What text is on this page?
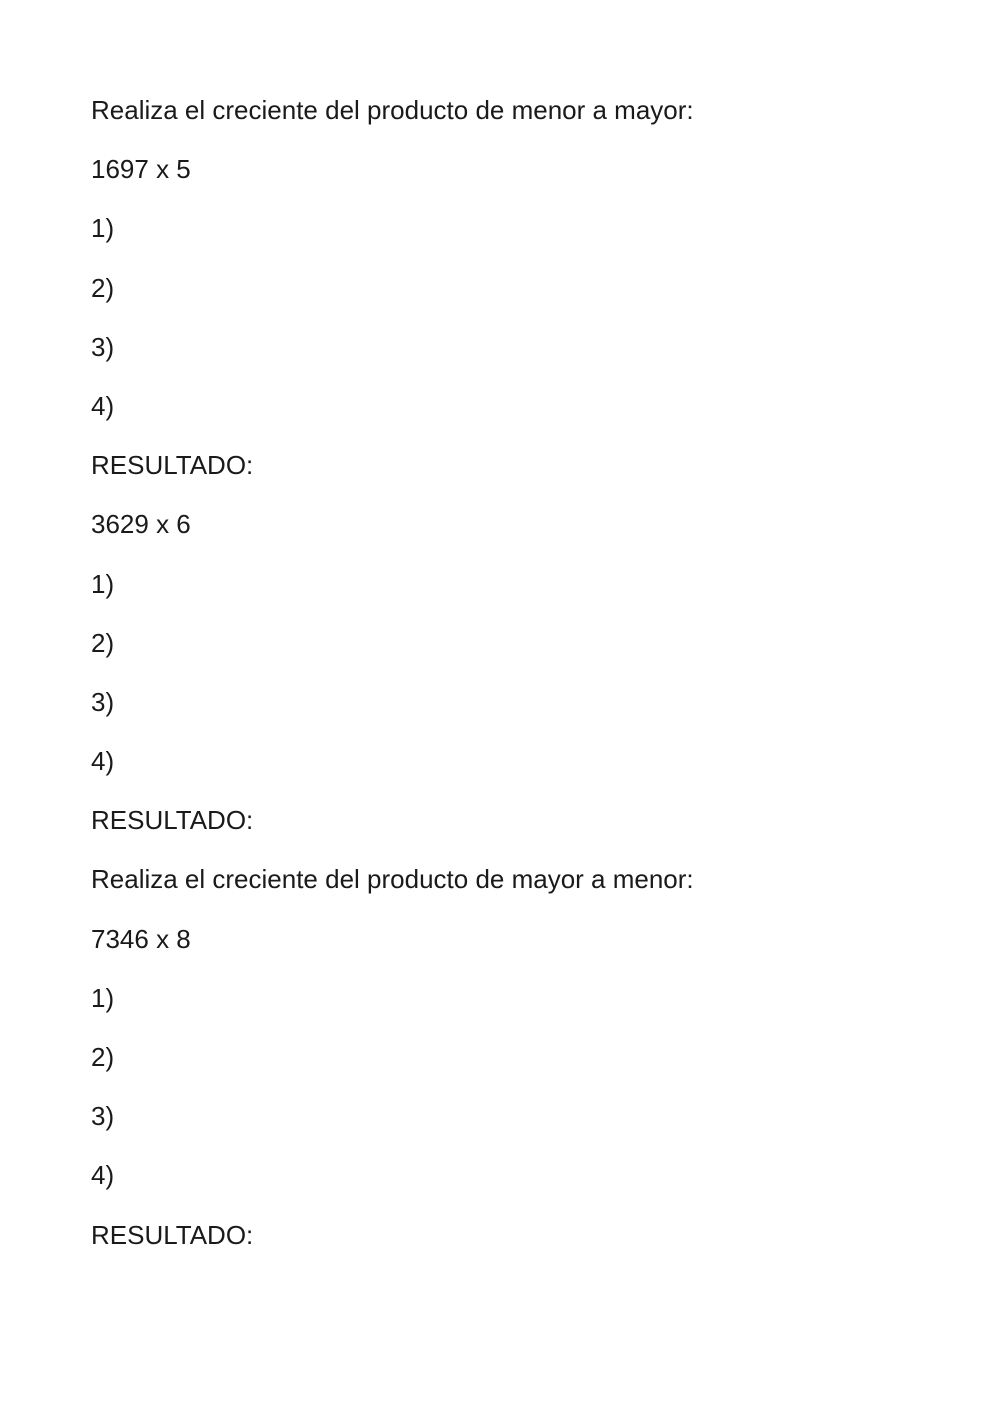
Realiza el creciente del producto de menor a mayor:
1697 x 5
1)
2)
3)
4)
RESULTADO:
3629 x 6
1)
2)
3)
4)
RESULTADO:
Realiza el creciente del producto de mayor a menor:
7346 x 8
1)
2)
3)
4)
RESULTADO:
